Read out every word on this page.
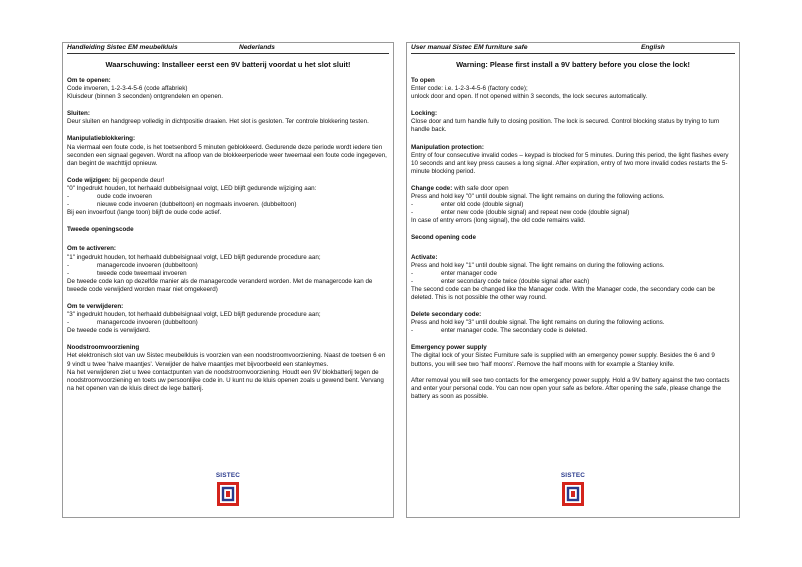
Handleiding Sistec EM meubelkluis	Nederlands
Waarschuwing: Installeer eerst een 9V batterij voordat u het slot sluit!
Om te openen:
Code invoeren, 1-2-3-4-5-6 (code affabriek)
Kluisdeur (binnen 3 seconden) ontgrendelen en openen.
Sluiten:
Deur sluiten en handgreep volledig in dichtpositie draaien. Het slot is gesloten. Ter controle blokkering testen.
Manipulatieblokkering:
Na viermaal een foute code, is het toetsenbord 5 minuten geblokkeerd. Gedurende deze periode wordt iedere tien seconden een signaal gegeven. Wordt na afloop van de blokkeerperiode weer tweemaal een foute code ingegeven, dan begint de wachttijd opnieuw.
Code wijzigen: bij geopende deur!
"0" Ingedrukt houden, tot herhaald dubbelsignaal volgt, LED blijft gedurende wijziging aan:
-	oude code invoeren
-	nieuwe code invoeren (dubbeltoon) en nogmaals invoeren. (dubbeltoon)
Bij een invoerfout (lange toon) blijft de oude code actief.
Tweede openingscode
Om te activeren:
"1" ingedrukt houden, tot herhaald dubbelsignaal volgt, LED blijft gedurende procedure aan;
-	managercode invoeren (dubbeltoon)
-	tweede code tweemaal invoeren
De tweede code kan op dezelfde manier als de managercode veranderd worden. Met de managercode kan de tweede code verwijderd worden maar niet omgekeerd)
Om te verwijderen:
"3" ingedrukt houden, tot herhaald dubbelsignaal volgt, LED blijft gedurende procedure aan;
-	managercode invoeren (dubbeltoon)
De tweede code is verwijderd.
Noodstroomvoorziening
Het elektronisch slot van uw Sistec meubelkluis is voorzien van een noodstroomvoorziening. Naast de toetsen 6 en 9 vindt u twee 'halve maantjes'. Verwijder de halve maantjes met bijvoorbeeld een stanleymes.
Na het verwijderen ziet u twee contactpunten van de noodstroomvoorziening. Houdt een 9V blokbatterij tegen de noodstroomvoorziening en toets uw persoonlijke code in. U kunt nu de kluis openen zoals u gewend bent. Vervang na het openen van de kluis direct de lege batterij.
SISTEC
User manual Sistec EM furniture safe	English
Warning: Please first install a 9V battery before you close the lock!
To open
Enter code: i.e. 1-2-3-4-5-6 (factory code);
unlock door and open. If not opened within 3 seconds, the lock secures automatically.
Locking:
Close door and turn handle fully to closing position. The lock is secured. Control blocking status by trying to turn handle back.
Manipulation protection:
Entry of four consecutive invalid codes – keypad is blocked for 5 minutes. During this period, the light flashes every 10 seconds and ant key press causes a long signal. After expiration, entry of two more invalid codes restarts the 5-minute blocking period.
Change code: with safe door open
Press and hold key "0" until double signal. The light remains on during the following actions.
-	enter old code (double signal)
-	enter new code (double signal) and repeat new code (double signal)
In case of entry errors (long signal), the old code remains valid.
Second opening code
Activate:
Press and hold key "1" until double signal. The light remains on during the following actions.
-	enter manager code
-	enter secondary code twice (double signal after each)
The second code can be changed like the Manager code. With the Manager code, the secondary code can be deleted. This is not possible the other way round.
Delete secondary code:
Press and hold key "3" until double signal. The light remains on during the following actions.
-	enter manager code. The secondary code is deleted.
Emergency power supply
The digital lock of your Sistec Furniture safe is supplied with an emergency power supply. Besides the 6 and 9 buttons, you will see two 'half moons'. Remove the half moons with for example a Stanley knife.
After removal you will see two contacts for the emergency power supply. Hold a 9V battery against the two contacts and enter your personal code. You can now open your safe as before. After opening the safe, please change the battery as soon as possible.
SISTEC
